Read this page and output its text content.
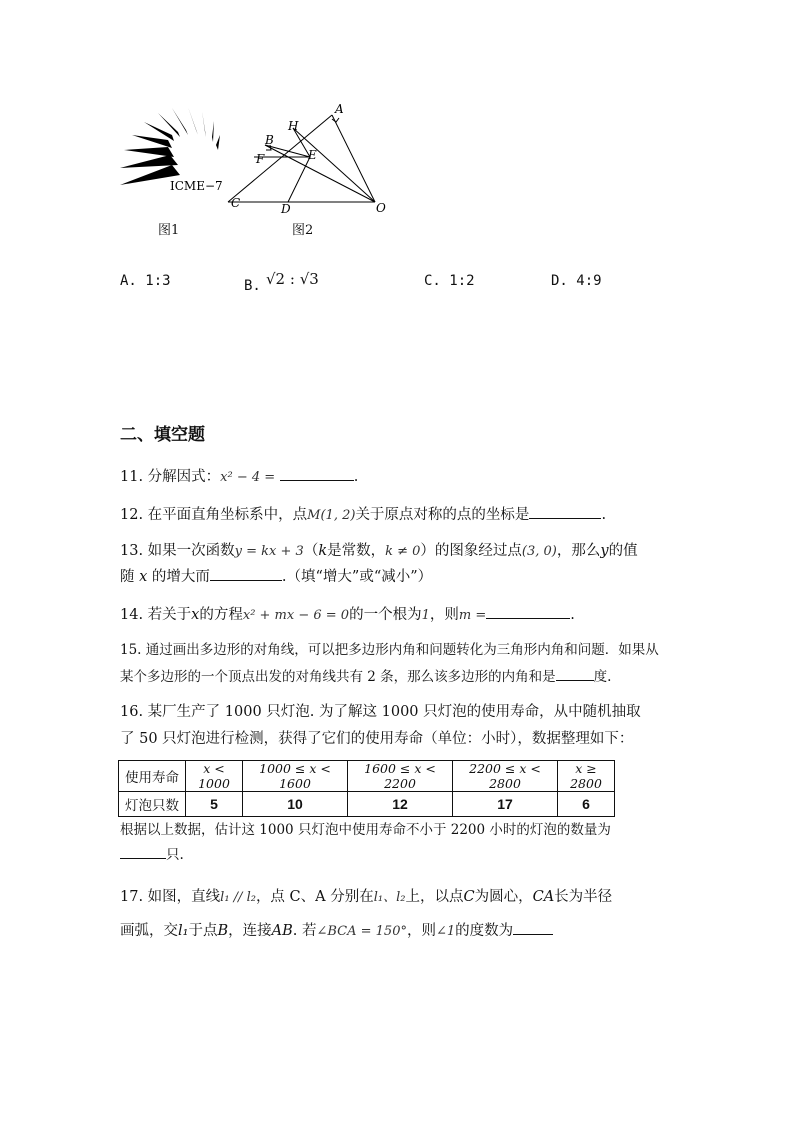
ICME−7
A
H
B
E
F
C	D	O
图1	图2
A. 1:3	B. √2 : √3	C. 1:2	D. 4:9
二、填空题
11. 分解因式：x² − 4 =	.
12. 在平面直角坐标系中，点M(1, 2)关于原点对称的点的坐标是	.
13. 如果一次函数y = kx + 3（k是常数，k ≠ 0）的图象经过点(3, 0)，那么y的值
随 x 的增大而	.（填“增大”或“减小”）
14. 若关于x的方程x² + mx − 6 = 0的一个根为1，则m =	.
15. 通过画出多边形的对角线，可以把多边形内角和问题转化为三角形内角和问题．如果从
某个多边形的一个顶点出发的对角线共有 2 条，那么该多边形的内角和是	度.
16. 某厂生产了 1000 只灯泡. 为了解这 1000 只灯泡的使用寿命，从中随机抽取
了 50 只灯泡进行检测，获得了它们的使用寿命（单位：小时），数据整理如下：
使用寿命	x < 1000	1000 ≤ x < 1600	1600 ≤ x < 2200	2200 ≤ x < 2800	x ≥ 2800
灯泡只数	5	10	12	17	6
根据以上数据，估计这 1000 只灯泡中使用寿命不小于 2200 小时的灯泡的数量为
只.
17. 如图，直线l₁ // l₂，点 C、A 分别在l₁、l₂上，以点C为圆心，CA长为半径
画弧，交l₁于点B，连接AB. 若∠BCA = 150°，则∠1的度数为
